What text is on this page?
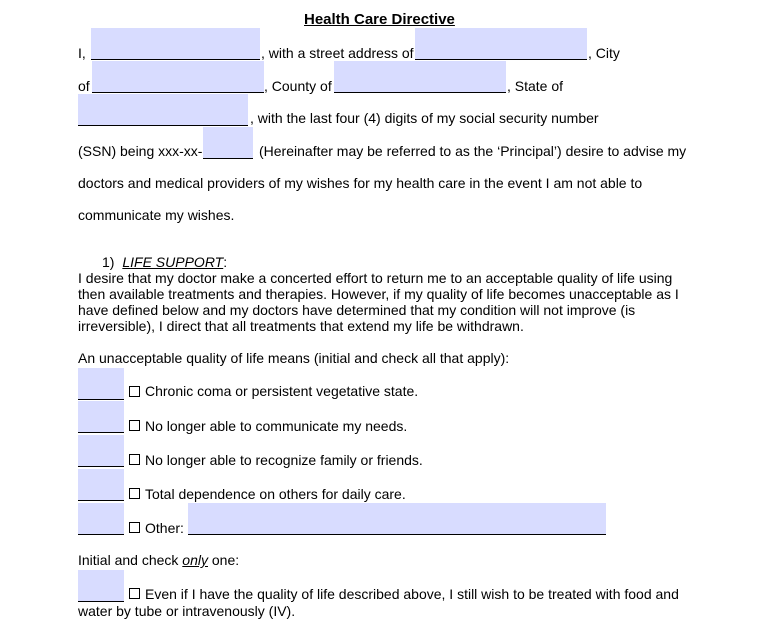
Health Care Directive
I,	, with a street address of	, City
of	, County of	, State of
, with the last four (4) digits of my social security number
(SSN) being xxx-xx-	(Hereinafter may be referred to as the ‘Principal’) desire to advise my
doctors and medical providers of my wishes for my health care in the event I am not able to
communicate my wishes.
1) LIFE SUPPORT:
I desire that my doctor make a concerted effort to return me to an acceptable quality of life using
then available treatments and therapies. However, if my quality of life becomes unacceptable as I
have defined below and my doctors have determined that my condition will not improve (is
irreversible), I direct that all treatments that extend my life be withdrawn.
An unacceptable quality of life means (initial and check all that apply):
Chronic coma or persistent vegetative state.
No longer able to communicate my needs.
No longer able to recognize family or friends.
Total dependence on others for daily care.
Other:
Initial and check only one:
Even if I have the quality of life described above, I still wish to be treated with food and
water by tube or intravenously (IV).
